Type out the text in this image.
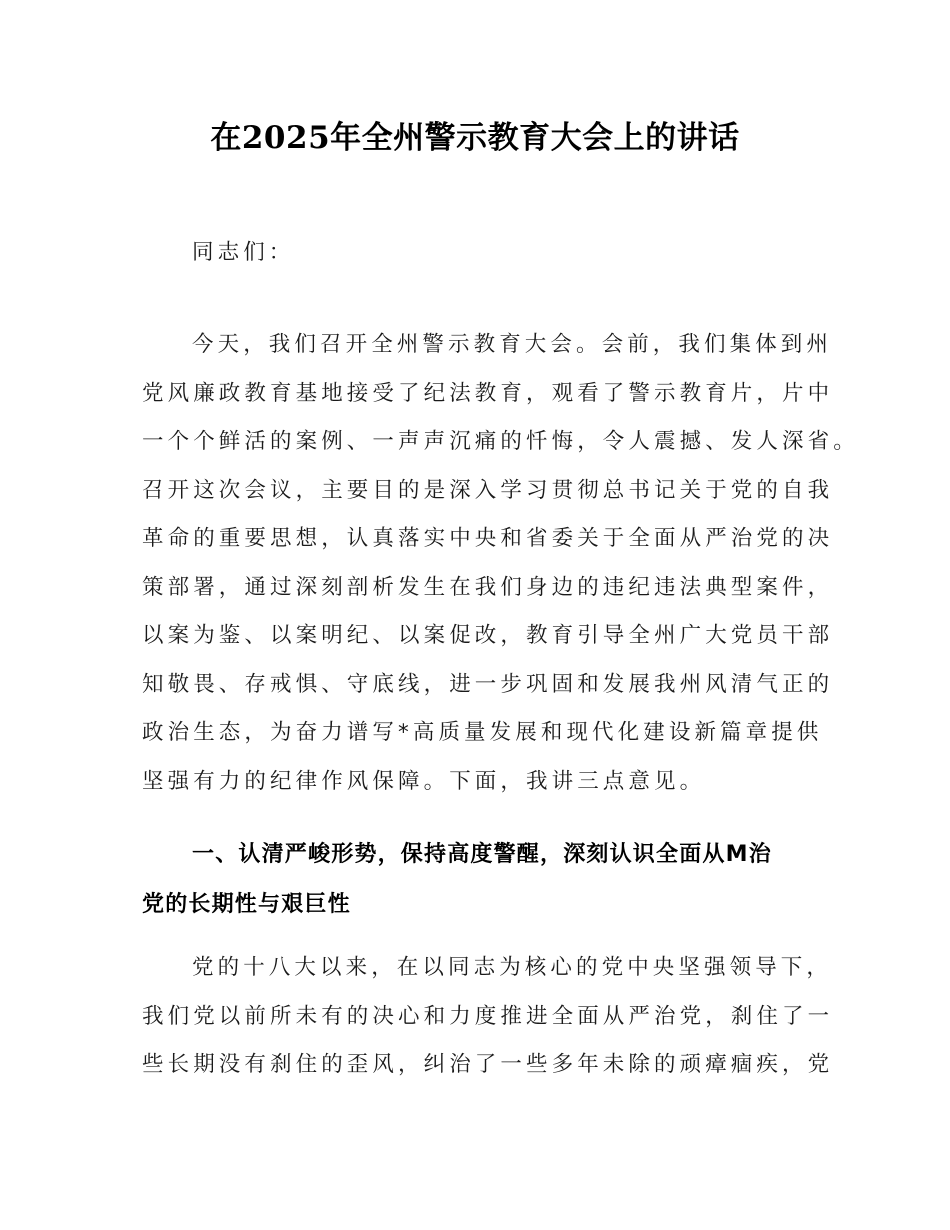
在2025年全州警示教育大会上的讲话
同志们：
今天，我们召开全州警示教育大会。会前，我们集体到州
党风廉政教育基地接受了纪法教育，观看了警示教育片，片中
一个个鲜活的案例、一声声沉痛的忏悔，令人震撼、发人深省。
召开这次会议，主要目的是深入学习贯彻总书记关于党的自我
革命的重要思想，认真落实中央和省委关于全面从严治党的决
策部署，通过深刻剖析发生在我们身边的违纪违法典型案件，
以案为鉴、以案明纪、以案促改，教育引导全州广大党员干部
知敬畏、存戒惧、守底线，进一步巩固和发展我州风清气正的
政治生态，为奋力谱写*高质量发展和现代化建设新篇章提供
坚强有力的纪律作风保障。下面，我讲三点意见。
一、认清严峻形势，保持高度警醒，深刻认识全面从M治
党的长期性与艰巨性
党的十八大以来，在以同志为核心的党中央坚强领导下，
我们党以前所未有的决心和力度推进全面从严治党，刹住了一
些长期没有刹住的歪风，纠治了一些多年未除的顽瘴痼疾，党
